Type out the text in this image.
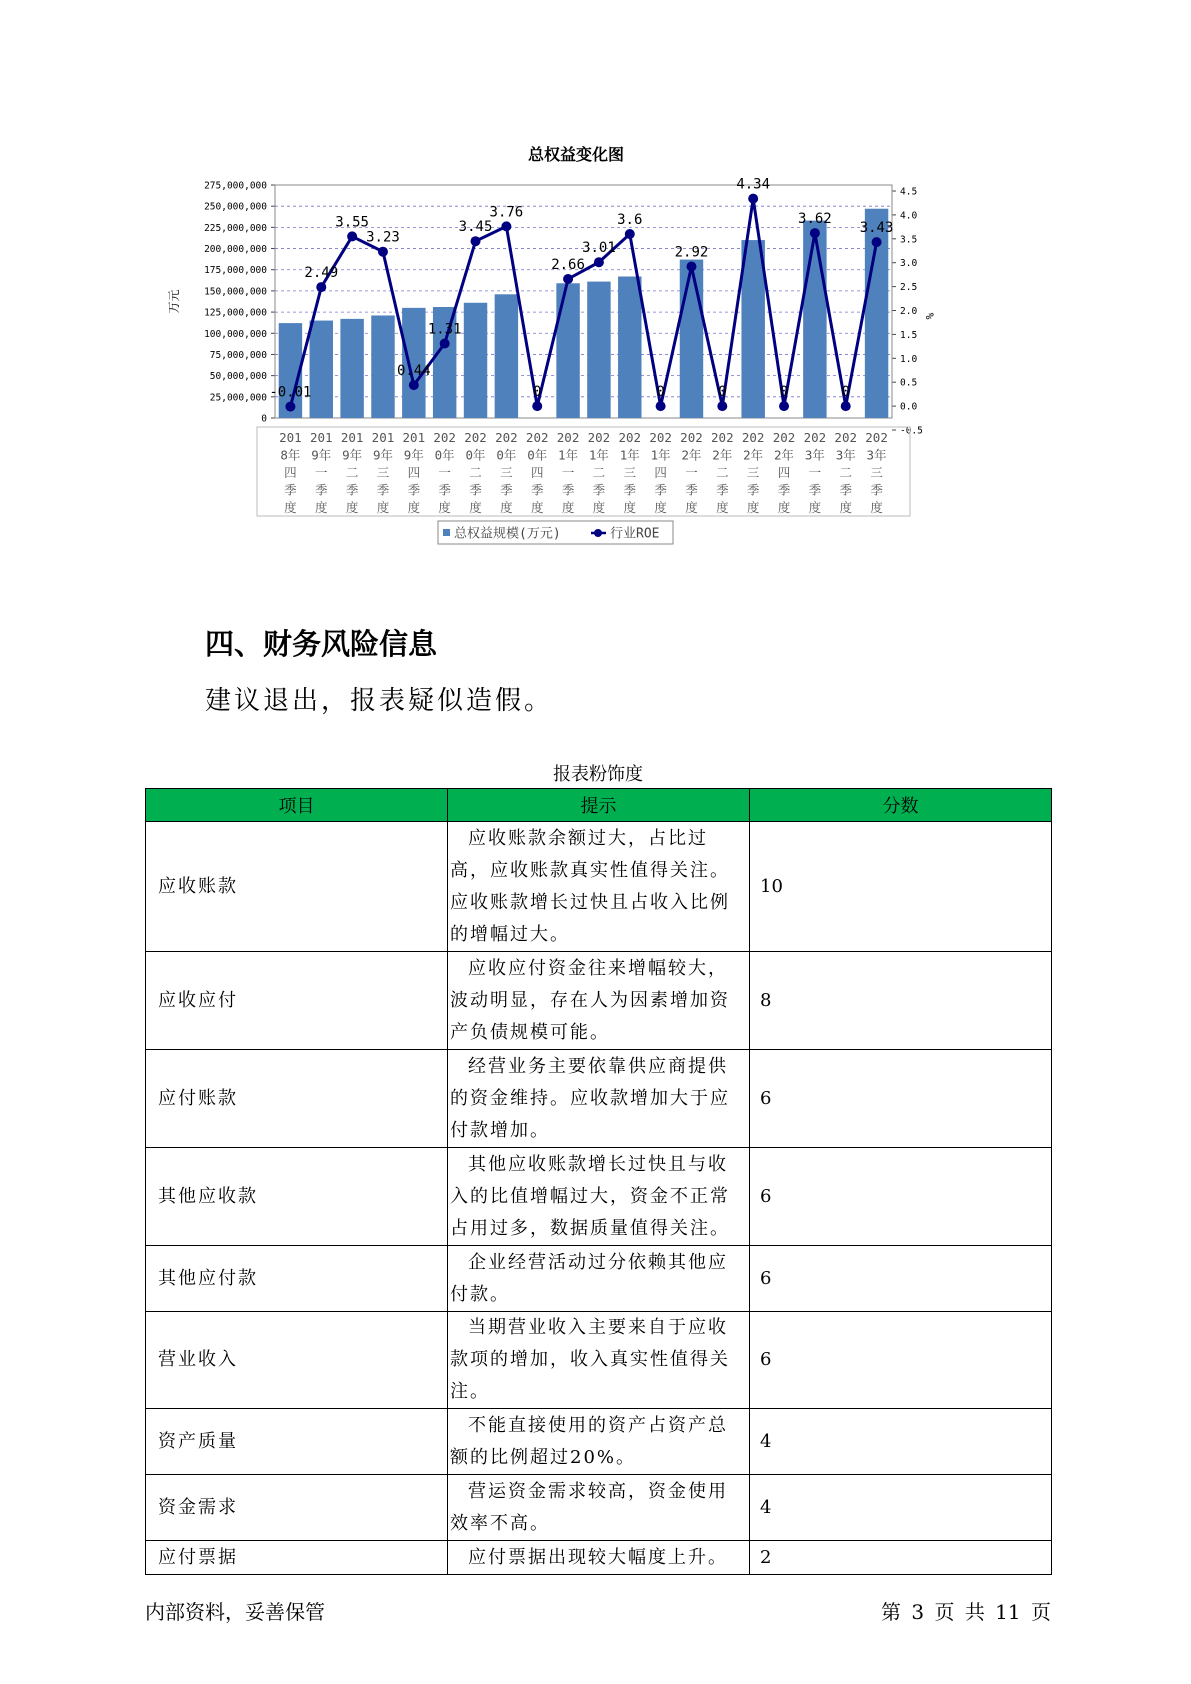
总权益变化图
0
25,000,000
50,000,000
75,000,000
100,000,000
125,000,000
150,000,000
175,000,000
200,000,000
225,000,000
250,000,000
275,000,000
-0.5
0.0
0.5
1.0
1.5
2.0
2.5
3.0
3.5
4.0
4.5
万元
%
-0.01
2.49
3.55
3.23
0.44
1.31
3.45
3.76
0
2.66
3.01
3.6
0
2.92
0
4.34
0
3.62
0
3.43
201
8年
四
季
度
201
9年
一
季
度
201
9年
二
季
度
201
9年
三
季
度
201
9年
四
季
度
202
0年
一
季
度
202
0年
二
季
度
202
0年
三
季
度
202
0年
四
季
度
202
1年
一
季
度
202
1年
二
季
度
202
1年
三
季
度
202
1年
四
季
度
202
2年
一
季
度
202
2年
二
季
度
202
2年
三
季
度
202
2年
四
季
度
202
3年
一
季
度
202
3年
二
季
度
202
3年
三
季
度
总权益规模(万元)	行业ROE
四、财务风险信息

建议退出，报表疑似造假。

报表粉饰度
项目	提示	分数
应收账款	应收账款余额过大，占比过高，应收账款真实性值得关注。应收账款增长过快且占收入比例的增幅过大。	10
应收应付	应收应付资金往来增幅较大，波动明显，存在人为因素增加资产负债规模可能。	8
应付账款	经营业务主要依靠供应商提供的资金维持。应收款增加大于应付款增加。	6
其他应收款	其他应收账款增长过快且与收入的比值增幅过大，资金不正常占用过多，数据质量值得关注。	6
其他应付款	企业经营活动过分依赖其他应付款。	6
营业收入	当期营业收入主要来自于应收款项的增加，收入真实性值得关注。	6
资产质量	不能直接使用的资产占资产总额的比例超过20%。	4
资金需求	营运资金需求较高，资金使用效率不高。	4
应付票据	应付票据出现较大幅度上升。	2
内部资料，妥善保管	第 3 页 共 11 页
